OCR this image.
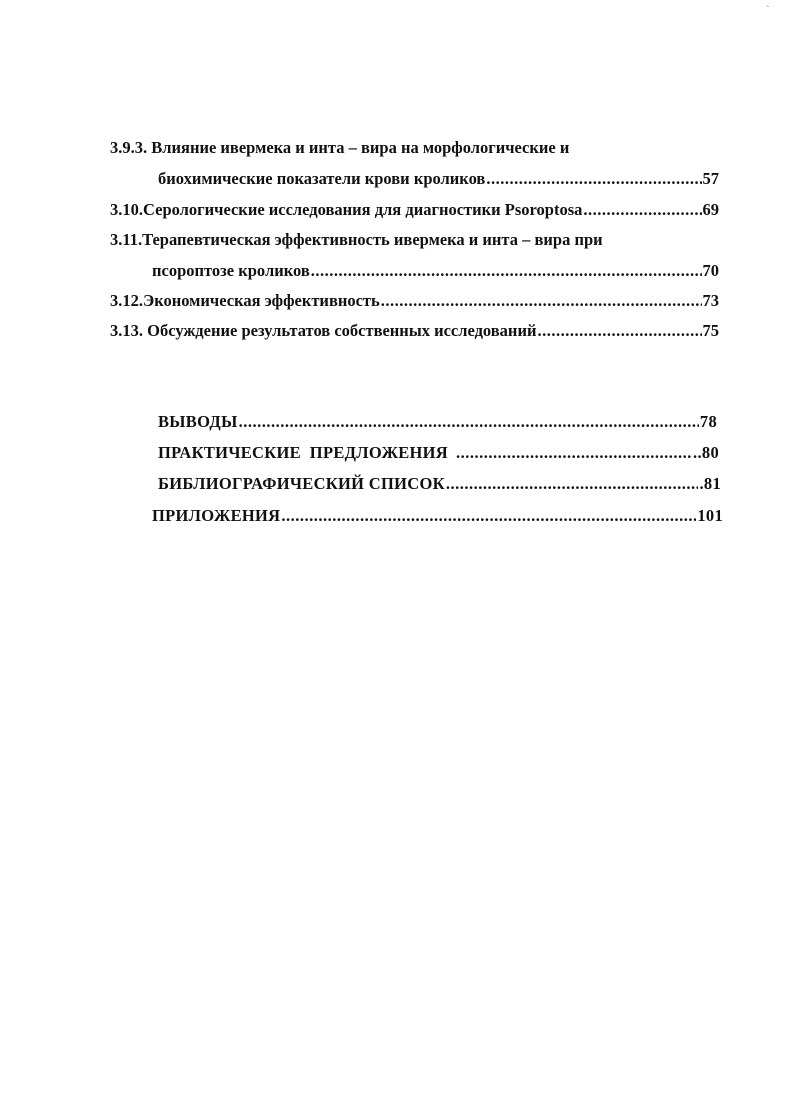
`
3.9.3. Влияние ивермека и инта – вира на морфологические и
биохимические показатели крови кроликов .....	57
3.10.Серологические исследования для диагностики Psoroptosa .....	69
3.11.Терапевтическая эффективность ивермека и инта – вира при
псороптозе кроликов .....	70
3.12.Экономическая эффективность .....	73
3.13. Обсуждение результатов собственных исследований .....	75
ВЫВОДЫ .....	78
ПРАКТИЧЕСКИЕ  ПРЕДЛОЖЕНИЯ .....	..80
БИБЛИОГРАФИЧЕСКИЙ СПИСОК .....	.81
ПРИЛОЖЕНИЯ .....	101
